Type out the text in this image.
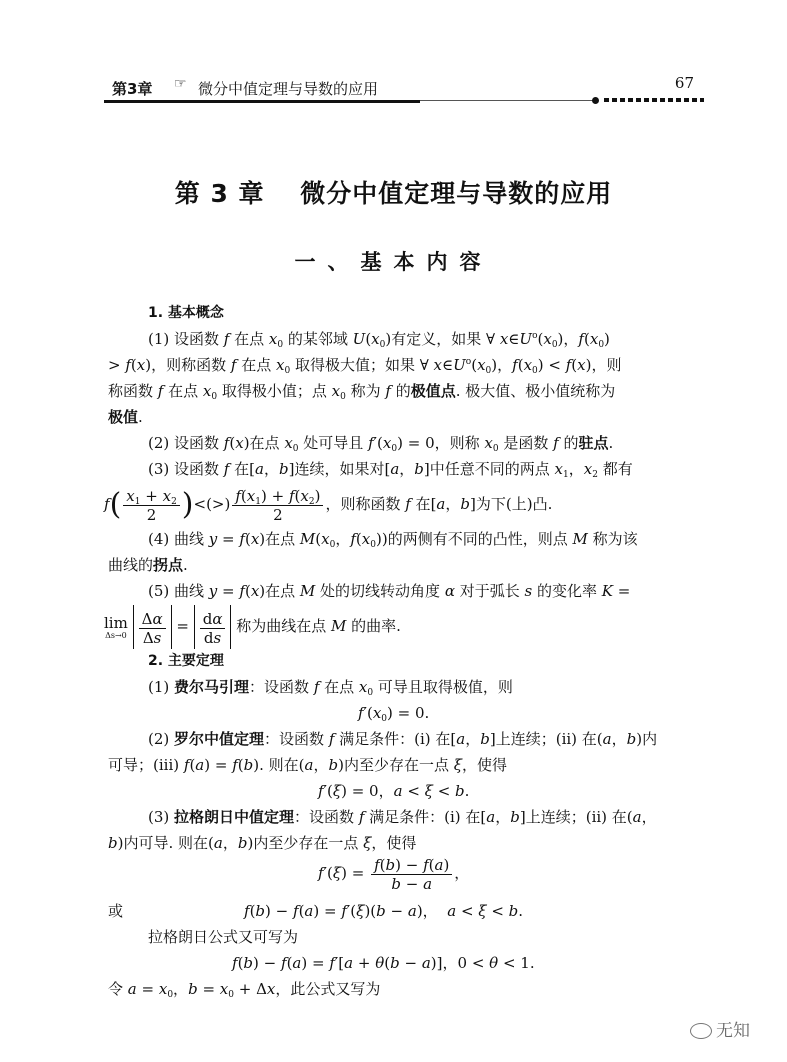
第3章 ☞ 微分中值定理与导数的应用	67
第 3 章　 微分中值定理与导数的应用
一、基本内容
1. 基本概念
(1) 设函数 f 在点 $x_0$ 的某邻域 $U(x_0)$有定义，如果 ∀ $x\in U^o(x_0)$，$f(x_0)$
> f(x)，则称函数 f 在点 $x_0$ 取得极大值；如果 ∀ $x\in U^o(x_0)$，$f(x_0) < f(x)$，则
称函数 f 在点 $x_0$ 取得极小值；点 $x_0$ 称为 f 的极值点. 极大值、极小值统称为
极值.
(2) 设函数 f(x)在点 $x_0$ 处可导且 $f'(x_0) = 0$，则称 $x_0$ 是函数 f 的驻点.
(3) 设函数 f 在[a，b]连续，如果对[a，b]中任意不同的两点 $x_1$，$x_2$ 都有
$f( \frac{x_1 + x_2}{2}$ )<(>) $\frac{f(x_1) + f(x_2)}{2}$ ，则称函数 f 在[a，b]为下(上)凸.
(4) 曲线 y = f(x)在点 $M(x_0$，$f(x_0)$)的两侧有不同的凸性，则点 M 称为该
曲线的拐点.
(5) 曲线 y = f(x)在点 M 处的切线转动角度 α 对于弧长 s 的变化率 K =
lim
Δs→0
$\frac{\Delta\alpha}{\Delta s} = \frac{d\alpha}{ds}$ 称为曲线在点 M 的曲率.
2. 主要定理
(1) 费尔马引理：设函数 f 在点 $x_0$ 可导且取得极值，则
$f'(x_0) = 0$.
(2) 罗尔中值定理：设函数 f 满足条件：(i) 在[a，b]上连续；(ii) 在(a，b)内
可导；(iii) f(a) = f(b). 则在(a，b)内至少存在一点 ξ，使得
f′(ξ) = 0，a < ξ < b.
(3) 拉格朗日中值定理：设函数 f 满足条件：(i) 在[a，b]上连续；(ii) 在(a，
b)内可导. 则在(a，b)内至少存在一点 ξ，使得
$f'(\xi) = \frac{f(b) - f(a)}{b - a}$ ，
或	f(b) − f(a) = f′(ξ)(b − a)，  a < ξ < b.
拉格朗日公式又可写为
f(b) − f(a) = f′[a + θ(b − a)]，0 < θ < 1.
令 $a = x_0$，$b = x_0 + \Delta x$，此公式又写为
无知
